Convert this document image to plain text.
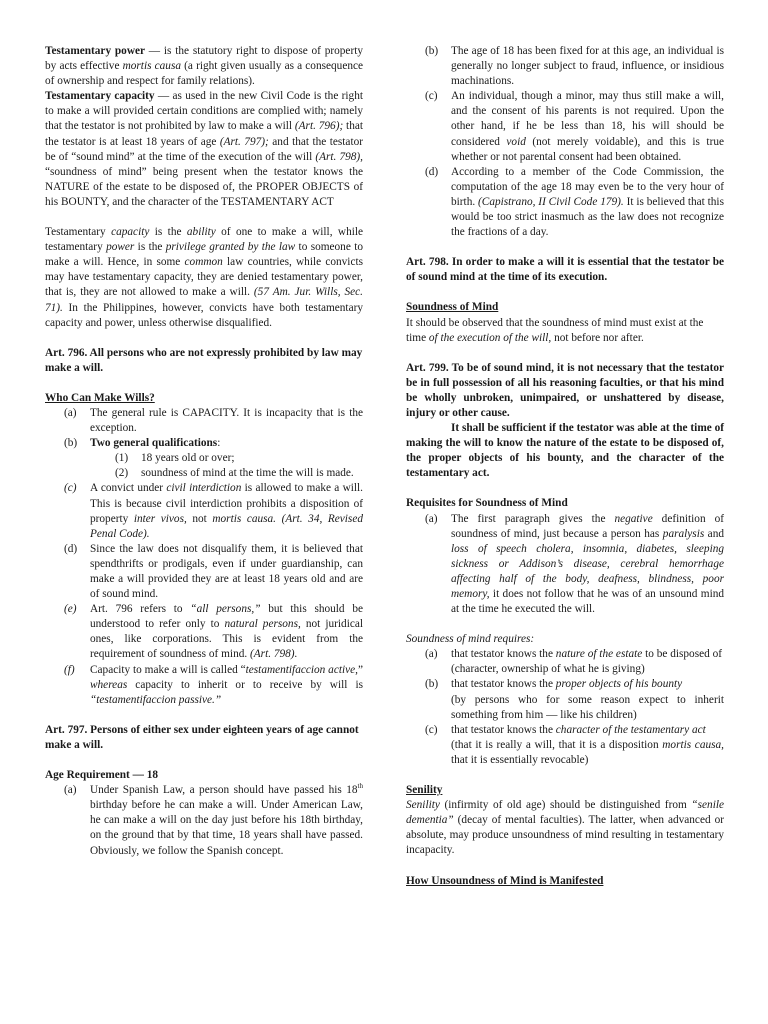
Testamentary power — is the statutory right to dispose of property by acts effective mortis causa (a right given usually as a consequence of ownership and respect for family relations).

Testamentary capacity — as used in the new Civil Code is the right to make a will provided certain conditions are complied with; namely that the testator is not prohibited by law to make a will (Art. 796); that the testator is at least 18 years of age (Art. 797); and that the testator be of “sound mind” at the time of the execution of the will (Art. 798), “soundness of mind” being present when the testator knows the NATURE of the estate to be disposed of, the PROPER OBJECTS of his BOUNTY, and the character of the TESTAMENTARY ACT

Testamentary capacity is the ability of one to make a will, while testamentary power is the privilege granted by the law to someone to make a will. Hence, in some common law countries, while convicts may have testamentary capacity, they are denied testamentary power, that is, they are not allowed to make a will. (57 Am. Jur. Wills, Sec. 71). In the Philippines, however, convicts have both testamentary capacity and power, unless otherwise disqualified.

Art. 796. All persons who are not expressly prohibited by law may make a will.

Who Can Make Wills?

(a)	The general rule is CAPACITY. It is incapacity that is the exception.
(b)	Two general qualifications:
(1)	18 years old or over;
(2)	soundness of mind at the time the will is made.
(c)	A convict under civil interdiction is allowed to make a will. This is because civil interdiction prohibits a disposition of property inter vivos, not mortis causa. (Art. 34, Revised Penal Code).
(d)	Since the law does not disqualify them, it is believed that spendthrifts or prodigals, even if under guardianship, can make a will provided they are at least 18 years old and are of sound mind.
(e)	Art. 796 refers to “all persons,” but this should be understood to refer only to natural persons, not juridical ones, like corporations. This is evident from the requirement of soundness of mind. (Art. 798).
(f)	Capacity to make a will is called “testamentifaccion active,” whereas capacity to inherit or to receive by will is “testamentifaccion passive.”

Art. 797. Persons of either sex under eighteen years of age cannot make a will.

Age Requirement — 18

(a)	Under Spanish Law, a person should have passed his 18th birthday before he can make a will. Under American Law, he can make a will on the day just before his 18th birthday, on the ground that by that time, 18 years shall have passed. Obviously, we follow the Spanish concept.
(b)	The age of 18 has been fixed for at this age, an individual is generally no longer subject to fraud, influence, or insidious machinations.
(c)	An individual, though a minor, may thus still make a will, and the consent of his parents is not required. Upon the other hand, if he be less than 18, his will should be considered void (not merely voidable), and this is true whether or not parental consent had been obtained.
(d)	According to a member of the Code Commission, the computation of the age 18 may even be to the very hour of birth. (Capistrano, II Civil Code 179). It is believed that this would be too strict inasmuch as the law does not recognize the fractions of a day.

Art. 798. In order to make a will it is essential that the testator be of sound mind at the time of its execution.

Soundness of Mind

It should be observed that the soundness of mind must exist at the time of the execution of the will, not before nor after.

Art. 799. To be of sound mind, it is not necessary that the testator be in full possession of all his reasoning faculties, or that his mind be wholly unbroken, unimpaired, or unshattered by disease, injury or other cause.

It shall be sufficient if the testator was able at the time of making the will to know the nature of the estate to be disposed of, the proper objects of his bounty, and the character of the testamentary act.

Requisites for Soundness of Mind

(a)	The first paragraph gives the negative definition of soundness of mind, just because a person has paralysis and loss of speech cholera, insomnia, diabetes, sleeping sickness or Addison’s disease, cerebral hemorrhage affecting half of the body, deafness, blindness, poor memory, it does not follow that he was of an unsound mind at the time he executed the will.

Soundness of mind requires:

(a)	that testator knows the nature of the estate to be disposed of
(character, ownership of what he is giving)
(b)	that testator knows the proper objects of his bounty
(by persons who for some reason expect to inherit something from him — like his children)
(c)	that testator knows the character of the testamentary act
(that it is really a will, that it is a disposition mortis causa, that it is essentially revocable)

Senility

Senility (infirmity of old age) should be distinguished from “senile dementia” (decay of mental faculties). The latter, when advanced or absolute, may produce unsoundness of mind resulting in testamentary incapacity.

How Unsoundness of Mind is Manifested
